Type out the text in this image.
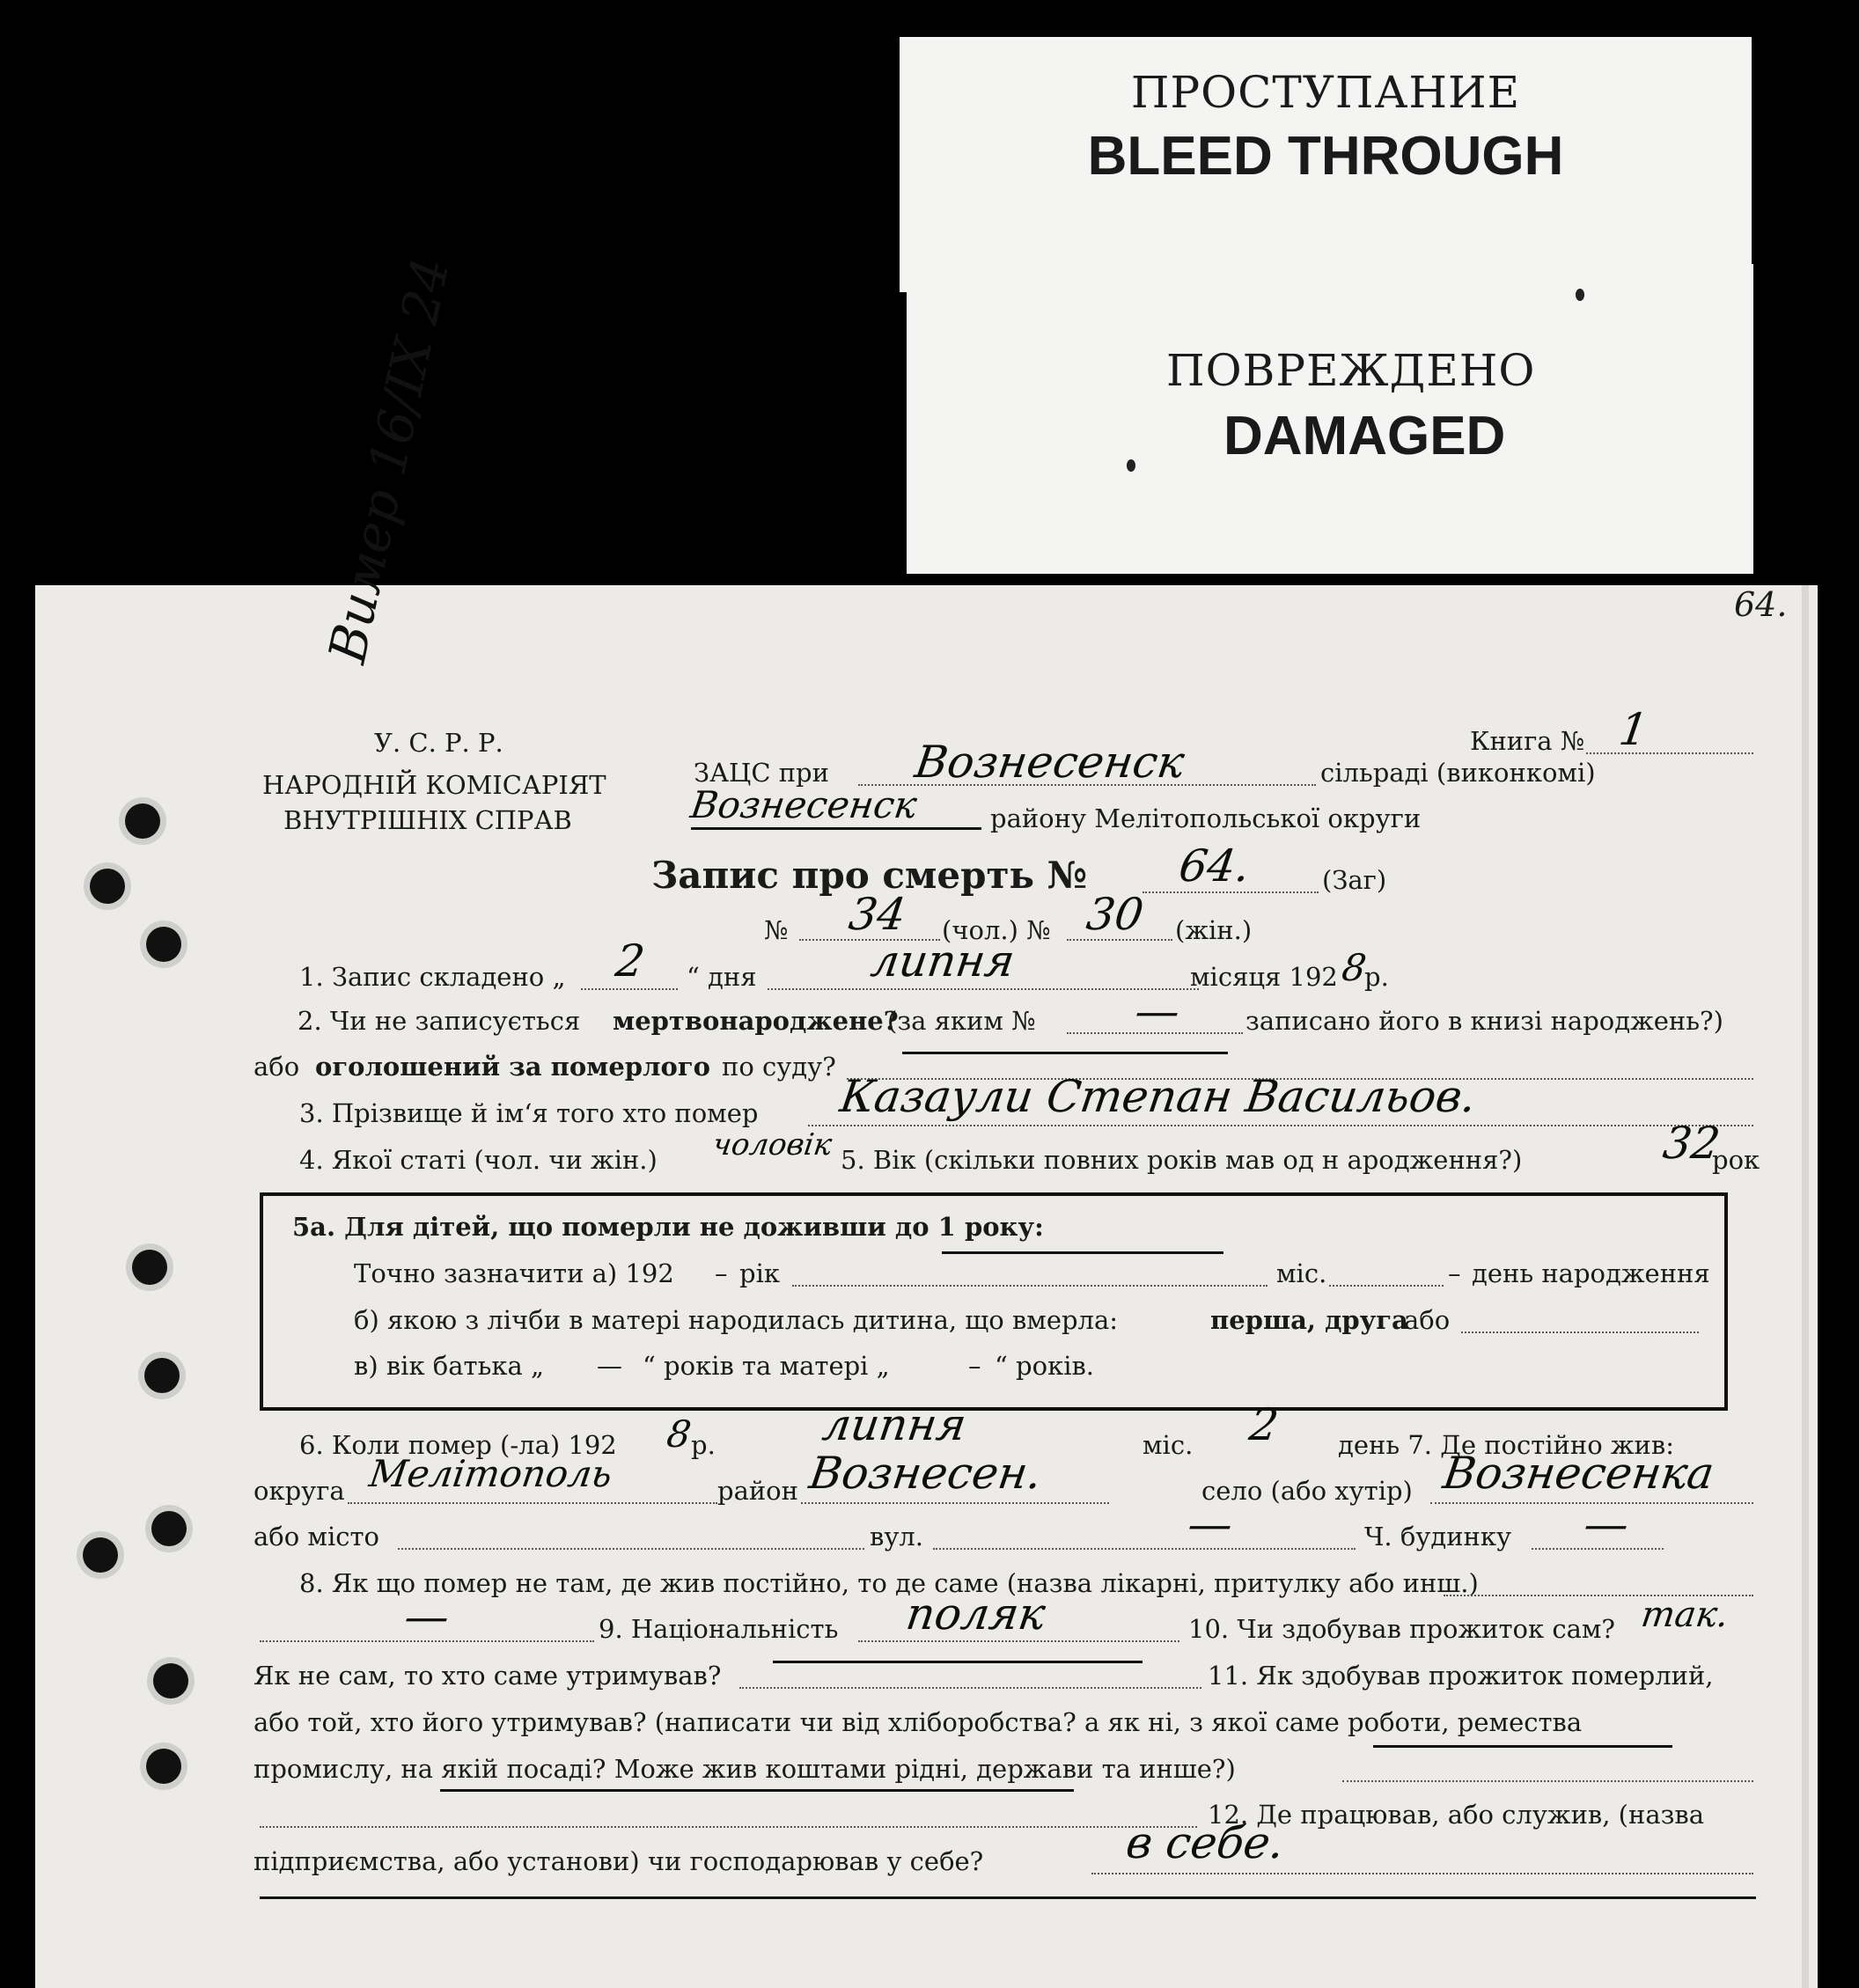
ПРОСТУПАНИЕ
BLEED THROUGH
ПОВРЕЖДЕНО
DAMAGED
64.
Вимер 16/ІХ 24
У. С. Р. Р.
НАРОДНІЙ КОМІСАРІЯТ
ВНУТРІШНІХ СПРАВ
Книга № 1
ЗАЦС при Вознесенск	сільраді (виконкомі)
Вознесенск	району Мелітопольської округи
Запис про смерть № 64.	(Заг)
№ 34 (чол.) № 30 (жін.)
1. Запис складено „ 2 “ дня	липня	місяця 192 8
р.
2. Чи не записується мертвонароджене?
(за яким № — записано його в книзі народжень?)
або оголошений за померлого по суду?
3. Прізвище й ім‘я того хто помер Казаули Степан Васильов.
4. Якої статі (чол. чи жін.) чоловік 5. Вік (скільки повних років мав од н ародження?)	32
рок
5а. Для дітей, що померли не доживши до 1 року:
Точно зазначити а) 192 – рік	міс.	– день народження
б) якою з лічби в матері народилась дитина, що вмерла:	перша, друга
або
в) вік батька „ — “ років та матері „	– “ років.
6. Коли помер (-ла) 192 8
р. липня	міс. 2 день 7. Де постійно жив:
округа Мелітополь	район Вознесен.	село (або хутір) Вознесенка
або місто	вул.	—	Ч. будинку —
8. Як що помер не там, де жив постійно, то де саме (назва лікарні, притулку або инш.)
—	9. Національність поляк	10. Чи здобував прожиток сам? так.
Як не сам, то хто саме утримував?	11. Як здобував прожиток померлий,
або той, хто його утримував? (написати чи від хліборобства? а як ні, з якої саме роботи, ремества
промислу, на якій посаді? Може жив коштами рідні, держави та инше?)
12. Де працював, або служив, (назва
підприємства, або установи) чи господарював у себе?	в себе.
